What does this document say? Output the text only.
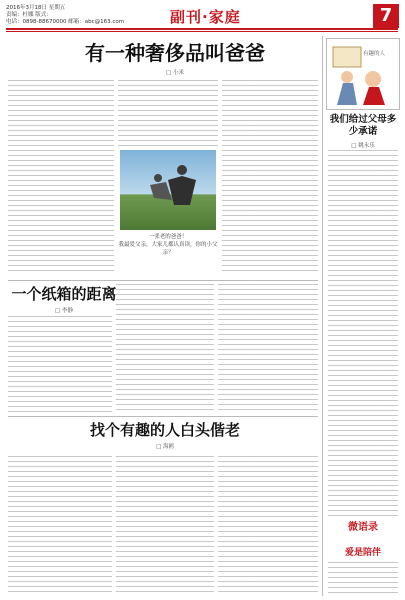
2016年3月18日 星期五
责编：杜娜 版式：
电话：0898-88670000 邮箱：abc@163.com	副刊·家庭	7
有一种奢侈品叫爸爸
□ 小米
一张老的爸爸！
我最爱父亲，大家儿都认真读，你的小父亲？
有趣的人
我们给过父母多少承诺
□ 姚永乐
微语录
爱是陪伴
一个纸箱的距离
□ 李静
找个有趣的人白头偕老
□ 海鸥
